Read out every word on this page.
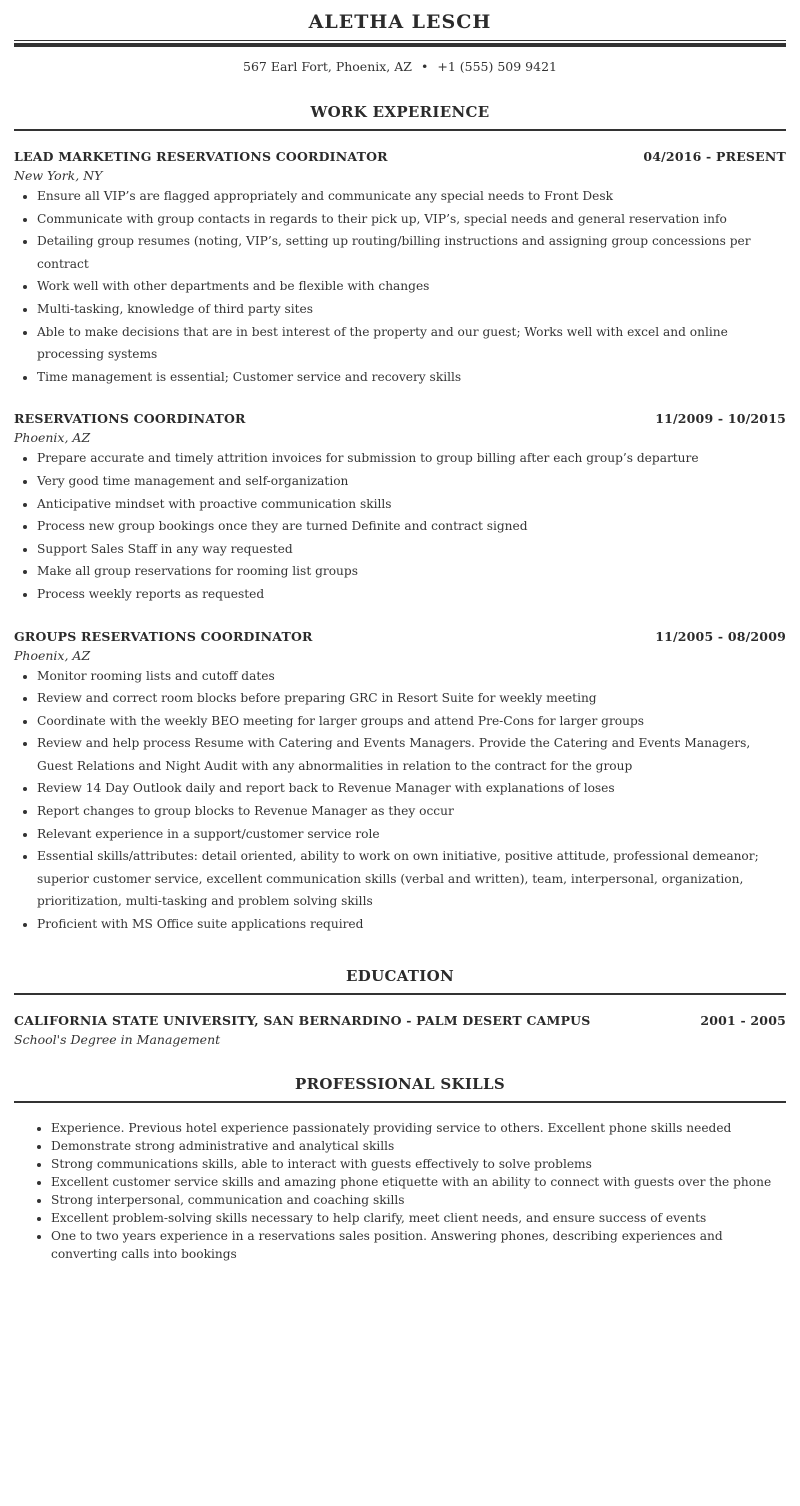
ALETHA LESCH
567 Earl Fort, Phoenix, AZ • +1 (555) 509 9421
WORK EXPERIENCE
LEAD MARKETING RESERVATIONS COORDINATOR	04/2016 - PRESENT
New York, NY
• Ensure all VIP’s are flagged appropriately and communicate any special needs to Front Desk
• Communicate with group contacts in regards to their pick up, VIP’s, special needs and general reservation info
• Detailing group resumes (noting, VIP’s, setting up routing/billing instructions and assigning group concessions per contract
• Work well with other departments and be flexible with changes
• Multi-tasking, knowledge of third party sites
• Able to make decisions that are in best interest of the property and our guest; Works well with excel and online processing systems
• Time management is essential; Customer service and recovery skills
RESERVATIONS COORDINATOR	11/2009 - 10/2015
Phoenix, AZ
• Prepare accurate and timely attrition invoices for submission to group billing after each group’s departure
• Very good time management and self-organization
• Anticipative mindset with proactive communication skills
• Process new group bookings once they are turned Definite and contract signed
• Support Sales Staff in any way requested
• Make all group reservations for rooming list groups
• Process weekly reports as requested
GROUPS RESERVATIONS COORDINATOR	11/2005 - 08/2009
Phoenix, AZ
• Monitor rooming lists and cutoff dates
• Review and correct room blocks before preparing GRC in Resort Suite for weekly meeting
• Coordinate with the weekly BEO meeting for larger groups and attend Pre-Cons for larger groups
• Review and help process Resume with Catering and Events Managers. Provide the Catering and Events Managers, Guest Relations and Night Audit with any abnormalities in relation to the contract for the group
• Review 14 Day Outlook daily and report back to Revenue Manager with explanations of loses
• Report changes to group blocks to Revenue Manager as they occur
• Relevant experience in a support/customer service role
• Essential skills/attributes: detail oriented, ability to work on own initiative, positive attitude, professional demeanor; superior customer service, excellent communication skills (verbal and written), team, interpersonal, organization, prioritization, multi-tasking and problem solving skills
• Proficient with MS Office suite applications required
EDUCATION
CALIFORNIA STATE UNIVERSITY, SAN BERNARDINO - PALM DESERT CAMPUS	2001 - 2005
School's Degree in Management
PROFESSIONAL SKILLS
• Experience. Previous hotel experience passionately providing service to others. Excellent phone skills needed
• Demonstrate strong administrative and analytical skills
• Strong communications skills, able to interact with guests effectively to solve problems
• Excellent customer service skills and amazing phone etiquette with an ability to connect with guests over the phone
• Strong interpersonal, communication and coaching skills
• Excellent problem-solving skills necessary to help clarify, meet client needs, and ensure success of events
• One to two years experience in a reservations sales position. Answering phones, describing experiences and converting calls into bookings
